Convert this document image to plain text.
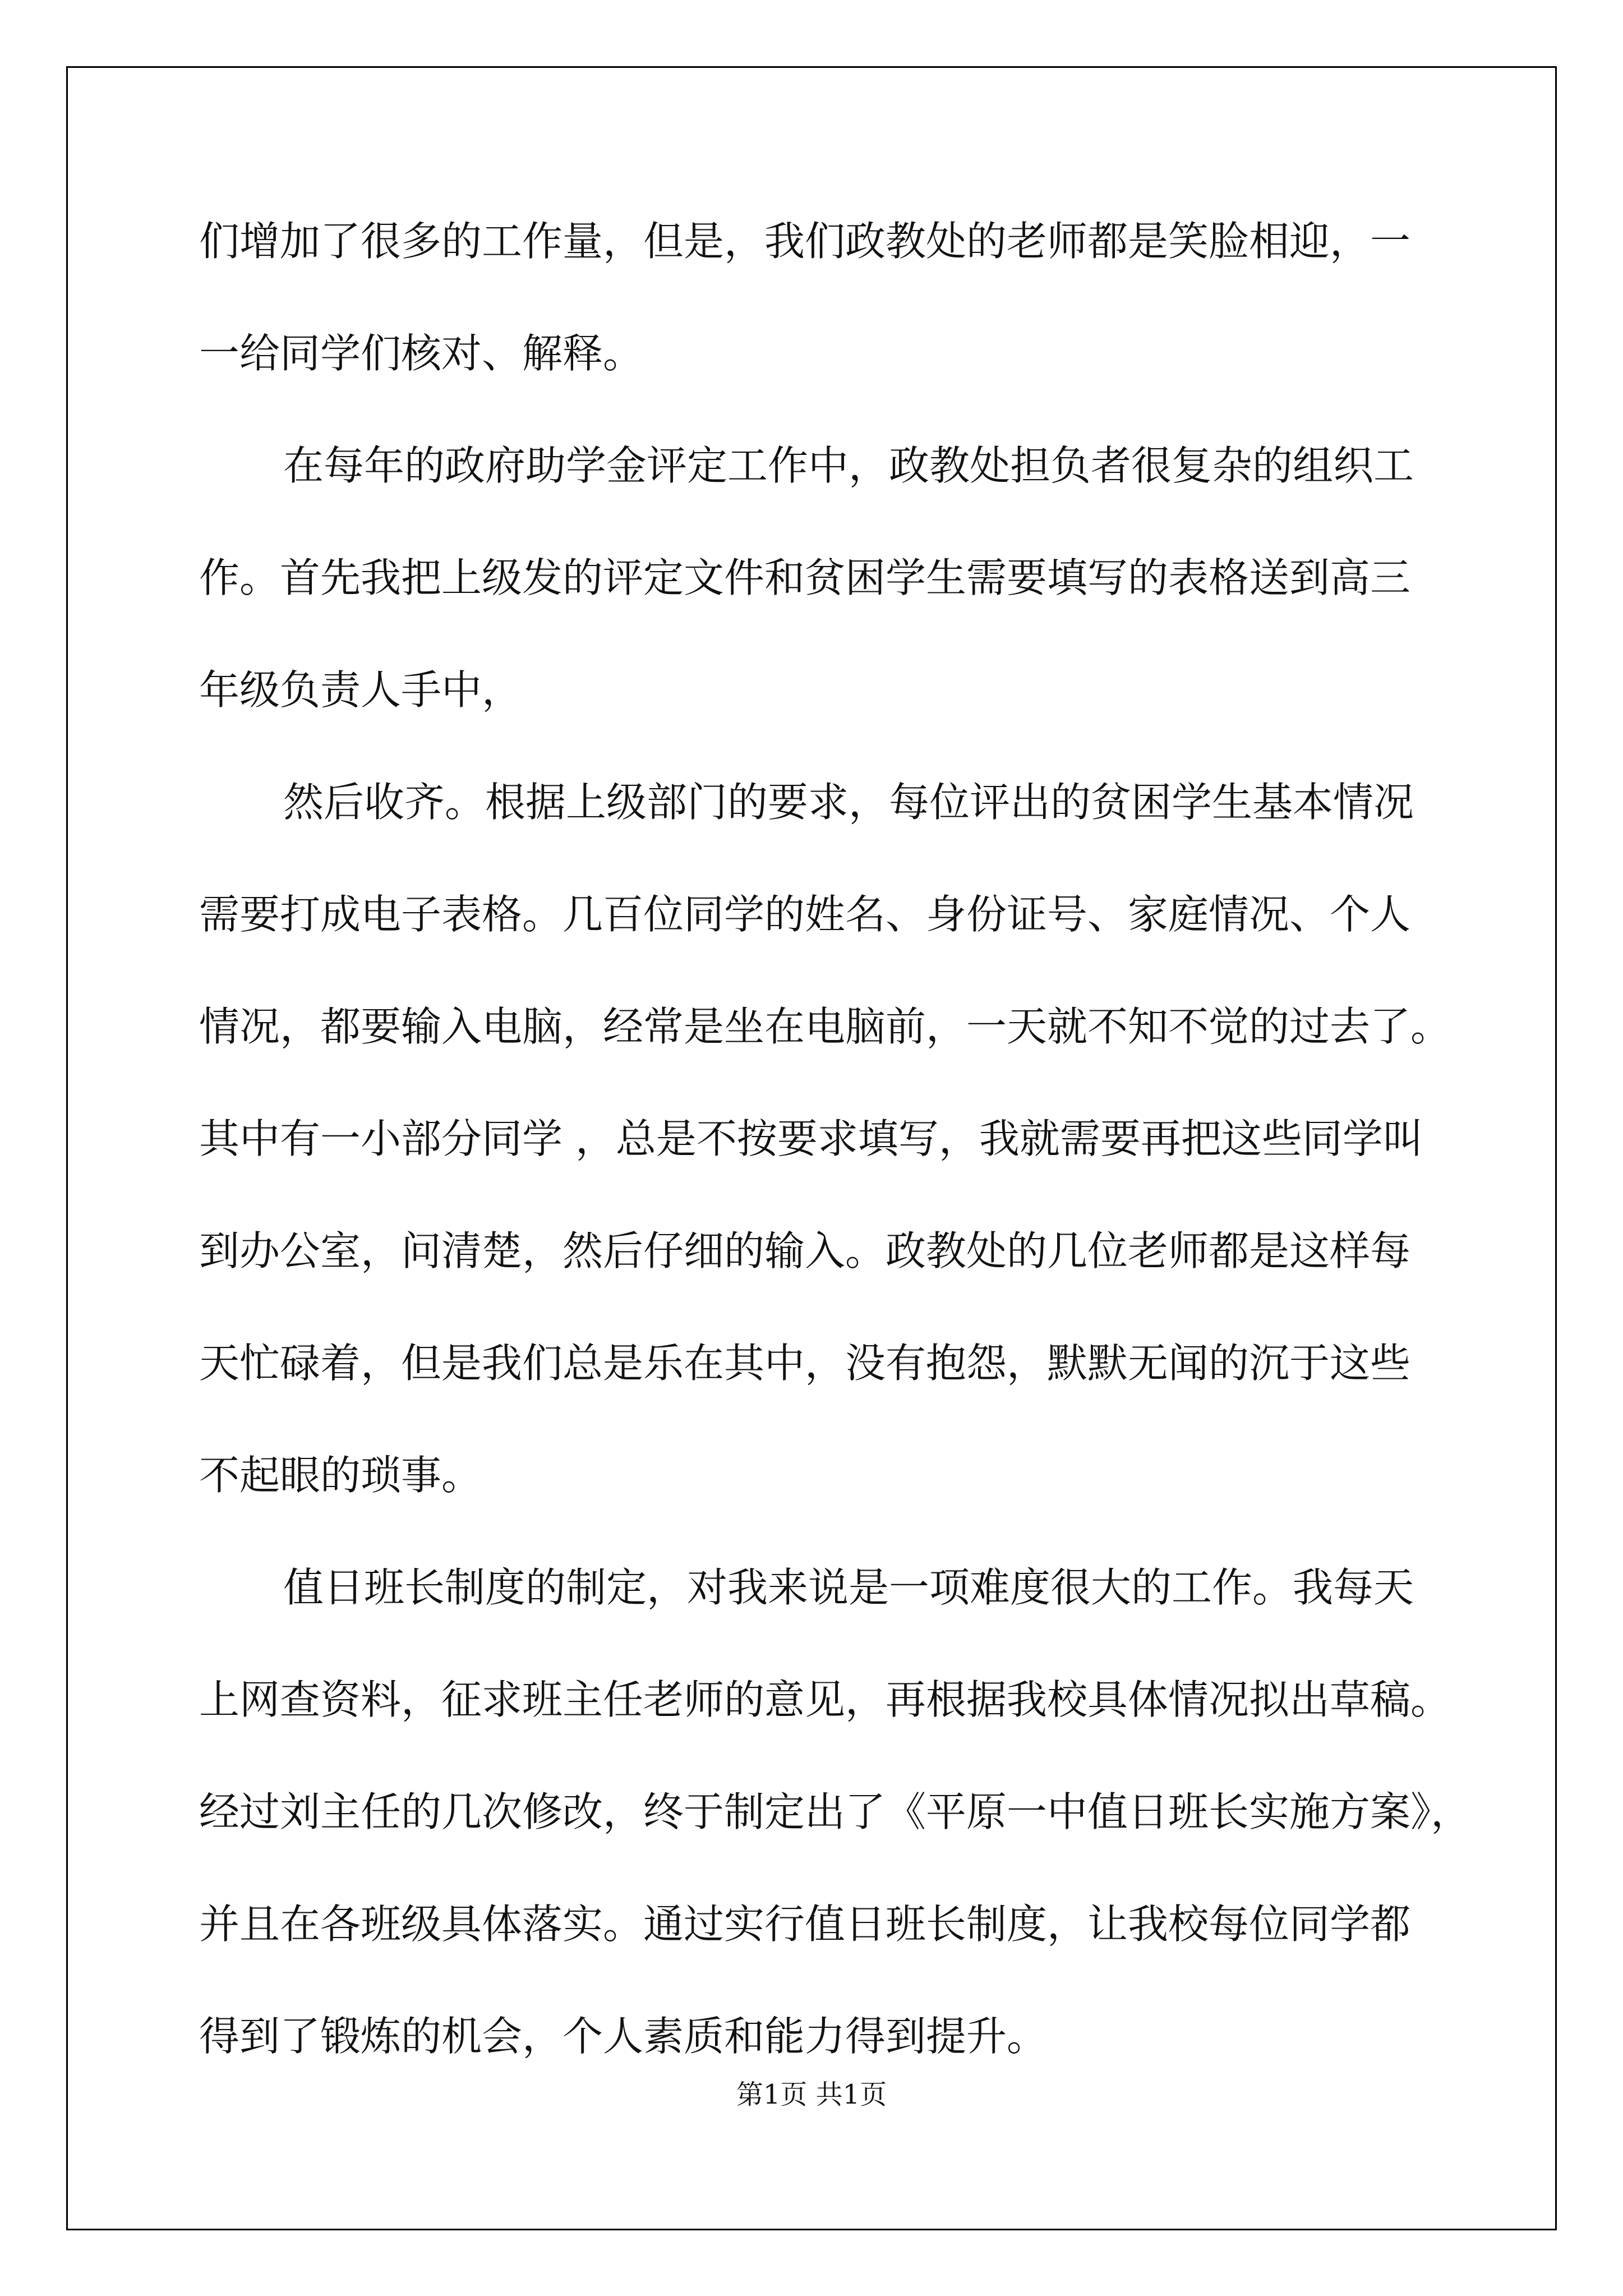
们增加了很多的工作量，但是，我们政教处的老师都是笑脸相迎，一
一给同学们核对、解释。
在每年的政府助学金评定工作中，政教处担负者很复杂的组织工
作。首先我把上级发的评定文件和贫困学生需要填写的表格送到高三
年级负责人手中，
然后收齐。根据上级部门的要求，每位评出的贫困学生基本情况
需要打成电子表格。几百位同学的姓名、身份证号、家庭情况、个人
情况，都要输入电脑，经常是坐在电脑前，一天就不知不觉的过去了。
其中有一小部分同学 ，总是不按要求填写，我就需要再把这些同学叫
到办公室，问清楚，然后仔细的输入。政教处的几位老师都是这样每
天忙碌着，但是我们总是乐在其中，没有抱怨，默默无闻的沉于这些
不起眼的琐事。
值日班长制度的制定，对我来说是一项难度很大的工作。我每天
上网查资料，征求班主任老师的意见，再根据我校具体情况拟出草稿。
经过刘主任的几次修改，终于制定出了《平原一中值日班长实施方案》，
并且在各班级具体落实。通过实行值日班长制度，让我校每位同学都
得到了锻炼的机会，个人素质和能力得到提升。
第1页 共1页
